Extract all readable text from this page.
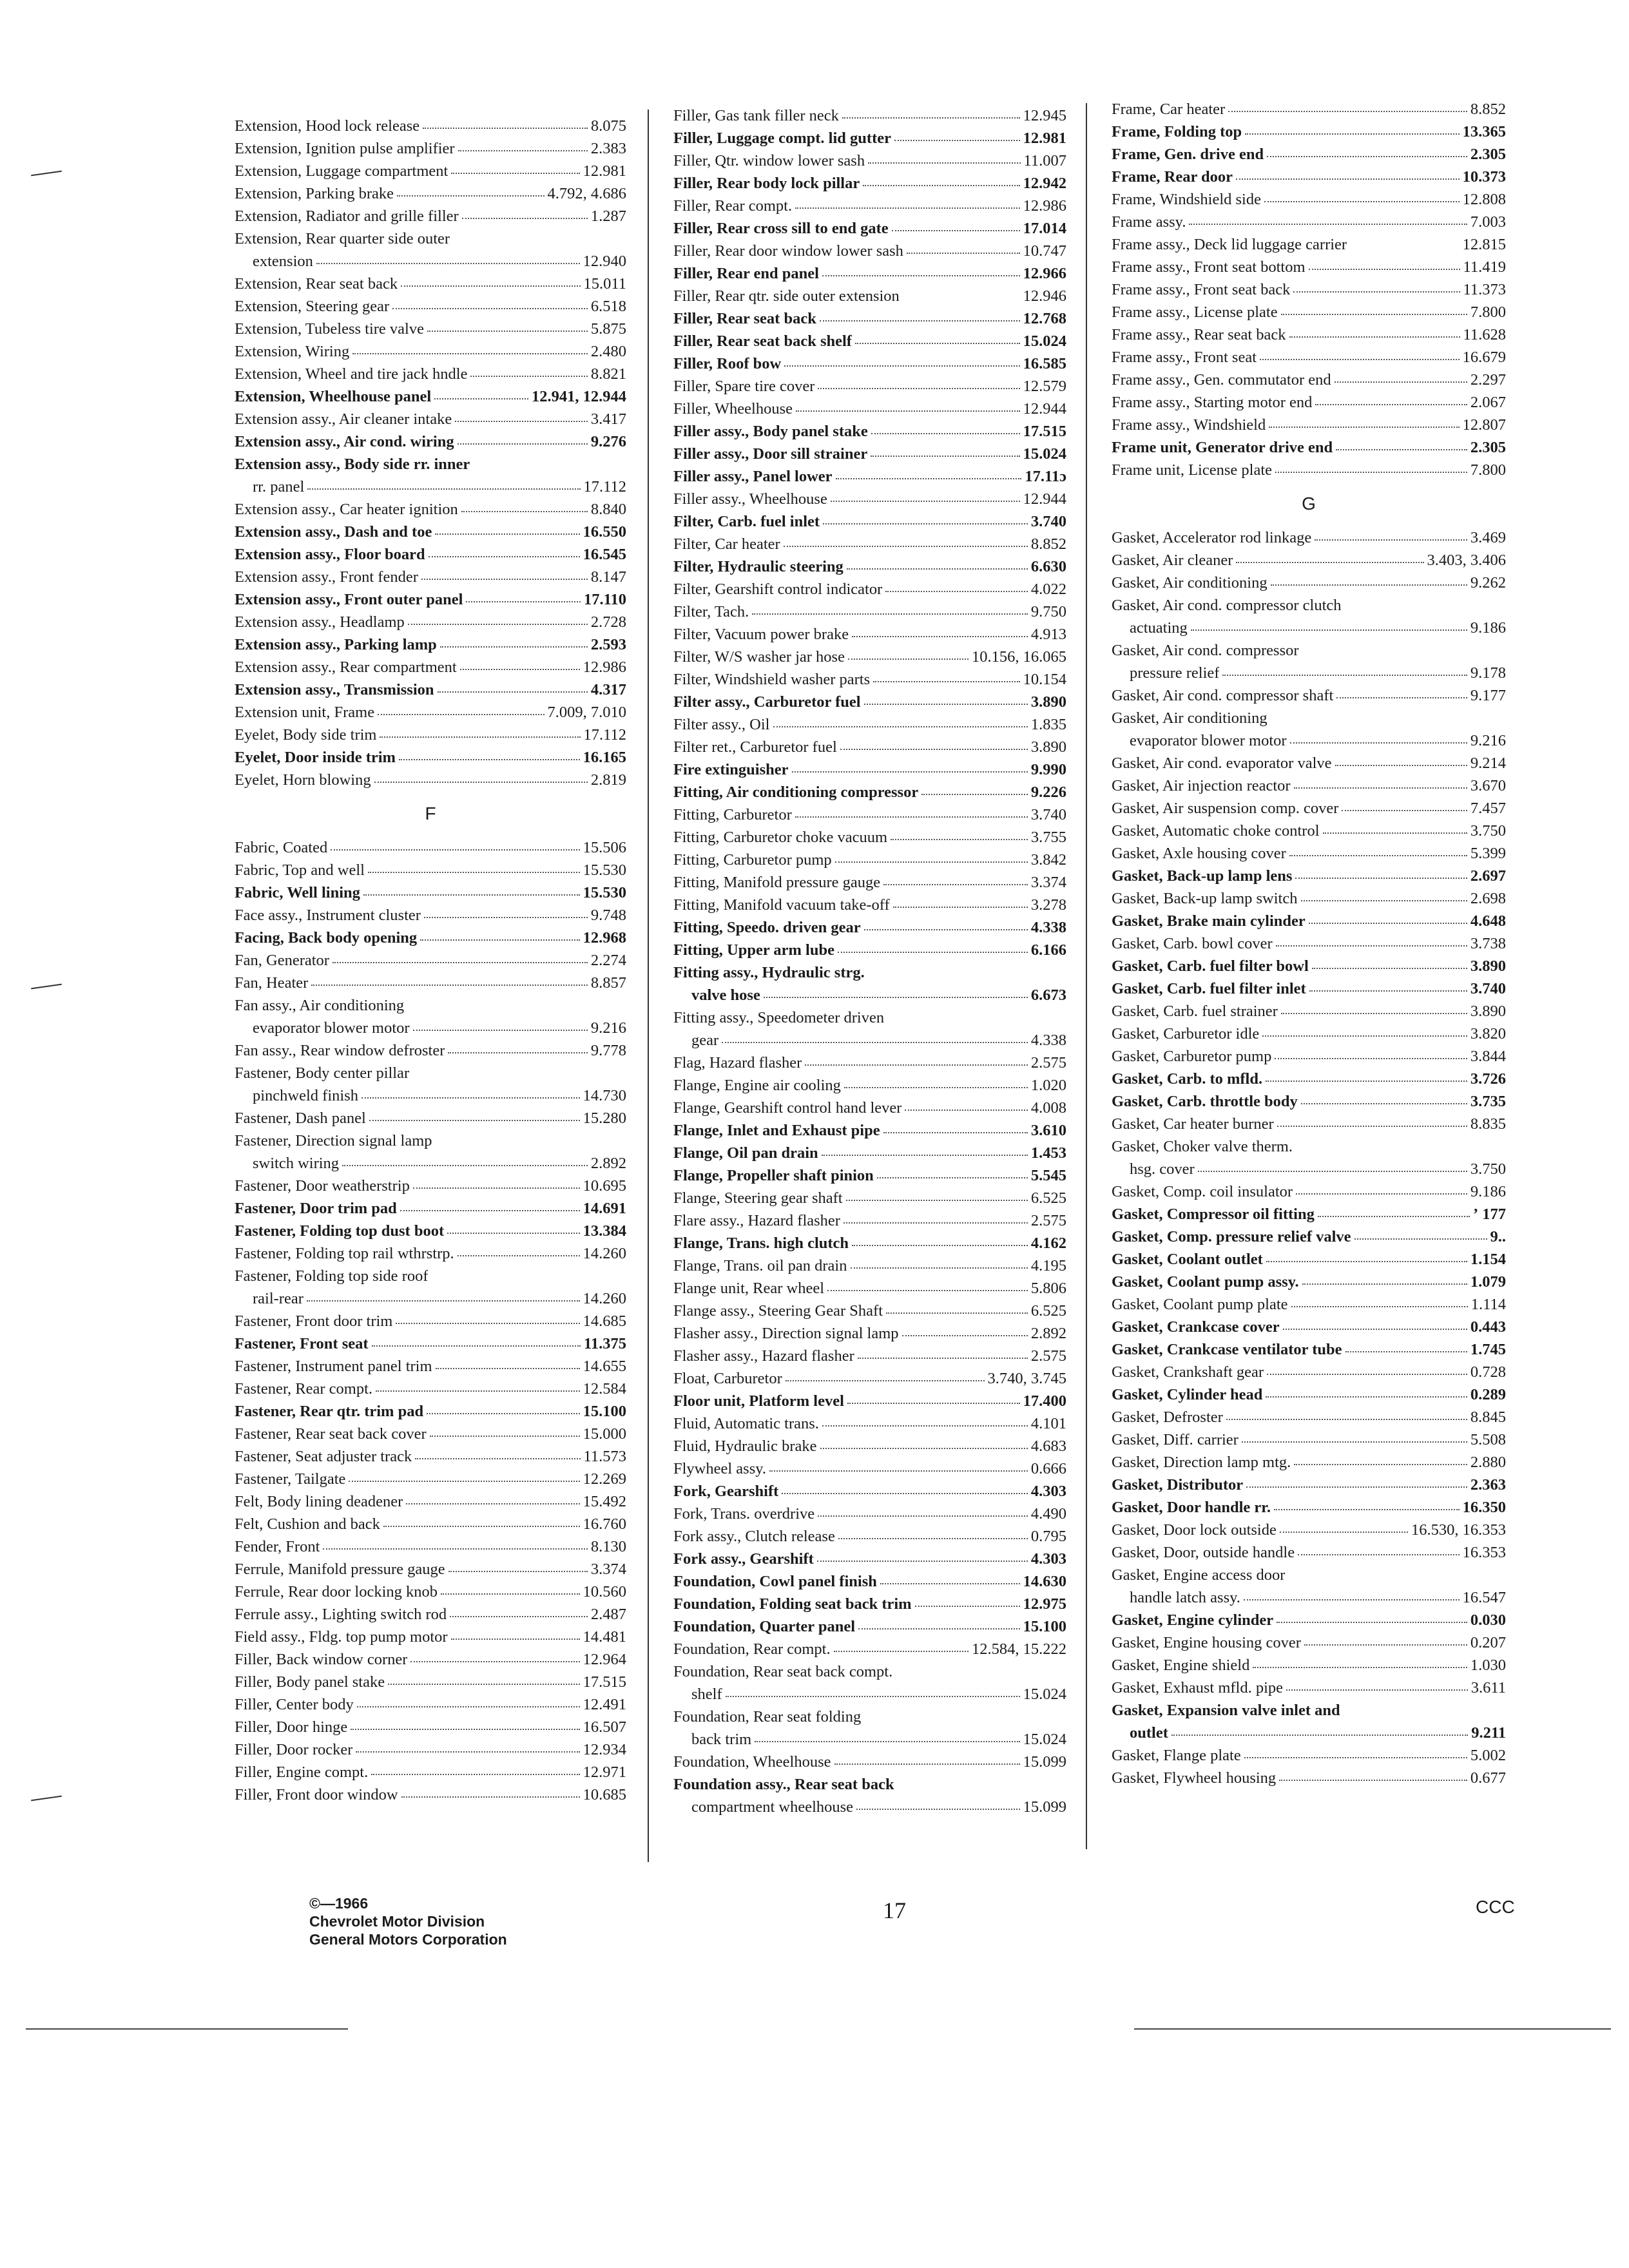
Extension, Hood lock release	8.075
Extension, Ignition pulse amplifier	2.383
Extension, Luggage compartment	12.981
Extension, Parking brake	4.792, 4.686
Extension, Radiator and grille filler	1.287
Extension, Rear quarter side outer
extension	12.940
Extension, Rear seat back	15.011
Extension, Steering gear	6.518
Extension, Tubeless tire valve	5.875
Extension, Wiring	2.480
Extension, Wheel and tire jack hndle	8.821
Extension, Wheelhouse panel	12.941, 12.944
Extension assy., Air cleaner intake	3.417
Extension assy., Air cond. wiring	9.276
Extension assy., Body side rr. inner
rr. panel	17.112
Extension assy., Car heater ignition	8.840
Extension assy., Dash and toe	16.550
Extension assy., Floor board	16.545
Extension assy., Front fender	8.147
Extension assy., Front outer panel	17.110
Extension assy., Headlamp	2.728
Extension assy., Parking lamp	2.593
Extension assy., Rear compartment	12.986
Extension assy., Transmission	4.317
Extension unit, Frame	7.009, 7.010
Eyelet, Body side trim	17.112
Eyelet, Door inside trim	16.165
Eyelet, Horn blowing	2.819
F
Fabric, Coated	15.506
Fabric, Top and well	15.530
Fabric, Well lining	15.530
Face assy., Instrument cluster	9.748
Facing, Back body opening	12.968
Fan, Generator	2.274
Fan, Heater	8.857
Fan assy., Air conditioning
evaporator blower motor	9.216
Fan assy., Rear window defroster	9.778
Fastener, Body center pillar
pinchweld finish	14.730
Fastener, Dash panel	15.280
Fastener, Direction signal lamp
switch wiring	2.892
Fastener, Door weatherstrip	10.695
Fastener, Door trim pad	14.691
Fastener, Folding top dust boot	13.384
Fastener, Folding top rail wthrstrp.	14.260
Fastener, Folding top side roof
rail-rear	14.260
Fastener, Front door trim	14.685
Fastener, Front seat	11.375
Fastener, Instrument panel trim	14.655
Fastener, Rear compt.	12.584
Fastener, Rear qtr. trim pad	15.100
Fastener, Rear seat back cover	15.000
Fastener, Seat adjuster track	11.573
Fastener, Tailgate	12.269
Felt, Body lining deadener	15.492
Felt, Cushion and back	16.760
Fender, Front	8.130
Ferrule, Manifold pressure gauge	3.374
Ferrule, Rear door locking knob	10.560
Ferrule assy., Lighting switch rod	2.487
Field assy., Fldg. top pump motor	14.481
Filler, Back window corner	12.964
Filler, Body panel stake	17.515
Filler, Center body	12.491
Filler, Door hinge	16.507
Filler, Door rocker	12.934
Filler, Engine compt.	12.971
Filler, Front door window	10.685
Filler, Gas tank filler neck	12.945
Filler, Luggage compt. lid gutter	12.981
Filler, Qtr. window lower sash	11.007
Filler, Rear body lock pillar	12.942
Filler, Rear compt.	12.986
Filler, Rear cross sill to end gate	17.014
Filler, Rear door window lower sash	10.747
Filler, Rear end panel	12.966
Filler, Rear qtr. side outer extension	12.946
Filler, Rear seat back	12.768
Filler, Rear seat back shelf	15.024
Filler, Roof bow	16.585
Filler, Spare tire cover	12.579
Filler, Wheelhouse	12.944
Filler assy., Body panel stake	17.515
Filler assy., Door sill strainer	15.024
Filler assy., Panel lower	17.11ɔ
Filler assy., Wheelhouse	12.944
Filter, Carb. fuel inlet	3.740
Filter, Car heater	8.852
Filter, Hydraulic steering	6.630
Filter, Gearshift control indicator	4.022
Filter, Tach.	9.750
Filter, Vacuum power brake	4.913
Filter, W/S washer jar hose	10.156, 16.065
Filter, Windshield washer parts	10.154
Filter assy., Carburetor fuel	3.890
Filter assy., Oil	1.835
Filter ret., Carburetor fuel	3.890
Fire extinguisher	9.990
Fitting, Air conditioning compressor	9.226
Fitting, Carburetor	3.740
Fitting, Carburetor choke vacuum	3.755
Fitting, Carburetor pump	3.842
Fitting, Manifold pressure gauge	3.374
Fitting, Manifold vacuum take-off	3.278
Fitting, Speedo. driven gear	4.338
Fitting, Upper arm lube	6.166
Fitting assy., Hydraulic strg.
valve hose	6.673
Fitting assy., Speedometer driven
gear	4.338
Flag, Hazard flasher	2.575
Flange, Engine air cooling	1.020
Flange, Gearshift control hand lever	4.008
Flange, Inlet and Exhaust pipe	3.610
Flange, Oil pan drain	1.453
Flange, Propeller shaft pinion	5.545
Flange, Steering gear shaft	6.525
Flare assy., Hazard flasher	2.575
Flange, Trans. high clutch	4.162
Flange, Trans. oil pan drain	4.195
Flange unit, Rear wheel	5.806
Flange assy., Steering Gear Shaft	6.525
Flasher assy., Direction signal lamp	2.892
Flasher assy., Hazard flasher	2.575
Float, Carburetor	3.740, 3.745
Floor unit, Platform level	17.400
Fluid, Automatic trans.	4.101
Fluid, Hydraulic brake	4.683
Flywheel assy.	0.666
Fork, Gearshift	4.303
Fork, Trans. overdrive	4.490
Fork assy., Clutch release	0.795
Fork assy., Gearshift	4.303
Foundation, Cowl panel finish	14.630
Foundation, Folding seat back trim	12.975
Foundation, Quarter panel	15.100
Foundation, Rear compt.	12.584, 15.222
Foundation, Rear seat back compt.
shelf	15.024
Foundation, Rear seat folding
back trim	15.024
Foundation, Wheelhouse	15.099
Foundation assy., Rear seat back
compartment wheelhouse	15.099
Frame, Car heater	8.852
Frame, Folding top	13.365
Frame, Gen. drive end	2.305
Frame, Rear door	10.373
Frame, Windshield side	12.808
Frame assy.	7.003
Frame assy., Deck lid luggage carrier	12.815
Frame assy., Front seat bottom	11.419
Frame assy., Front seat back	11.373
Frame assy., License plate	7.800
Frame assy., Rear seat back	11.628
Frame assy., Front seat	16.679
Frame assy., Gen. commutator end	2.297
Frame assy., Starting motor end	2.067
Frame assy., Windshield	12.807
Frame unit, Generator drive end	2.305
Frame unit, License plate	7.800
G
Gasket, Accelerator rod linkage	3.469
Gasket, Air cleaner	3.403, 3.406
Gasket, Air conditioning	9.262
Gasket, Air cond. compressor clutch
actuating	9.186
Gasket, Air cond. compressor
pressure relief	9.178
Gasket, Air cond. compressor shaft	9.177
Gasket, Air conditioning
evaporator blower motor	9.216
Gasket, Air cond. evaporator valve	9.214
Gasket, Air injection reactor	3.670
Gasket, Air suspension comp. cover	7.457
Gasket, Automatic choke control	3.750
Gasket, Axle housing cover	5.399
Gasket, Back-up lamp lens	2.697
Gasket, Back-up lamp switch	2.698
Gasket, Brake main cylinder	4.648
Gasket, Carb. bowl cover	3.738
Gasket, Carb. fuel filter bowl	3.890
Gasket, Carb. fuel filter inlet	3.740
Gasket, Carb. fuel strainer	3.890
Gasket, Carburetor idle	3.820
Gasket, Carburetor pump	3.844
Gasket, Carb. to mfld.	3.726
Gasket, Carb. throttle body	3.735
Gasket, Car heater burner	8.835
Gasket, Choker valve therm.
hsg. cover	3.750
Gasket, Comp. coil insulator	9.186
Gasket, Compressor oil fitting	ʼ 177
Gasket, Comp. pressure relief valve	9..
Gasket, Coolant outlet	1.154
Gasket, Coolant pump assy.	1.079
Gasket, Coolant pump plate	1.114
Gasket, Crankcase cover	0.443
Gasket, Crankcase ventilator tube	1.745
Gasket, Crankshaft gear	0.728
Gasket, Cylinder head	0.289
Gasket, Defroster	8.845
Gasket, Diff. carrier	5.508
Gasket, Direction lamp mtg.	2.880
Gasket, Distributor	2.363
Gasket, Door handle rr.	16.350
Gasket, Door lock outside	16.530, 16.353
Gasket, Door, outside handle	16.353
Gasket, Engine access door
handle latch assy.	16.547
Gasket, Engine cylinder	0.030
Gasket, Engine housing cover	0.207
Gasket, Engine shield	1.030
Gasket, Exhaust mfld. pipe	3.611
Gasket, Expansion valve inlet and
outlet	9.211
Gasket, Flange plate	5.002
Gasket, Flywheel housing	0.677
©—1966
Chevrolet Motor Division
General Motors Corporation
17	CCC
